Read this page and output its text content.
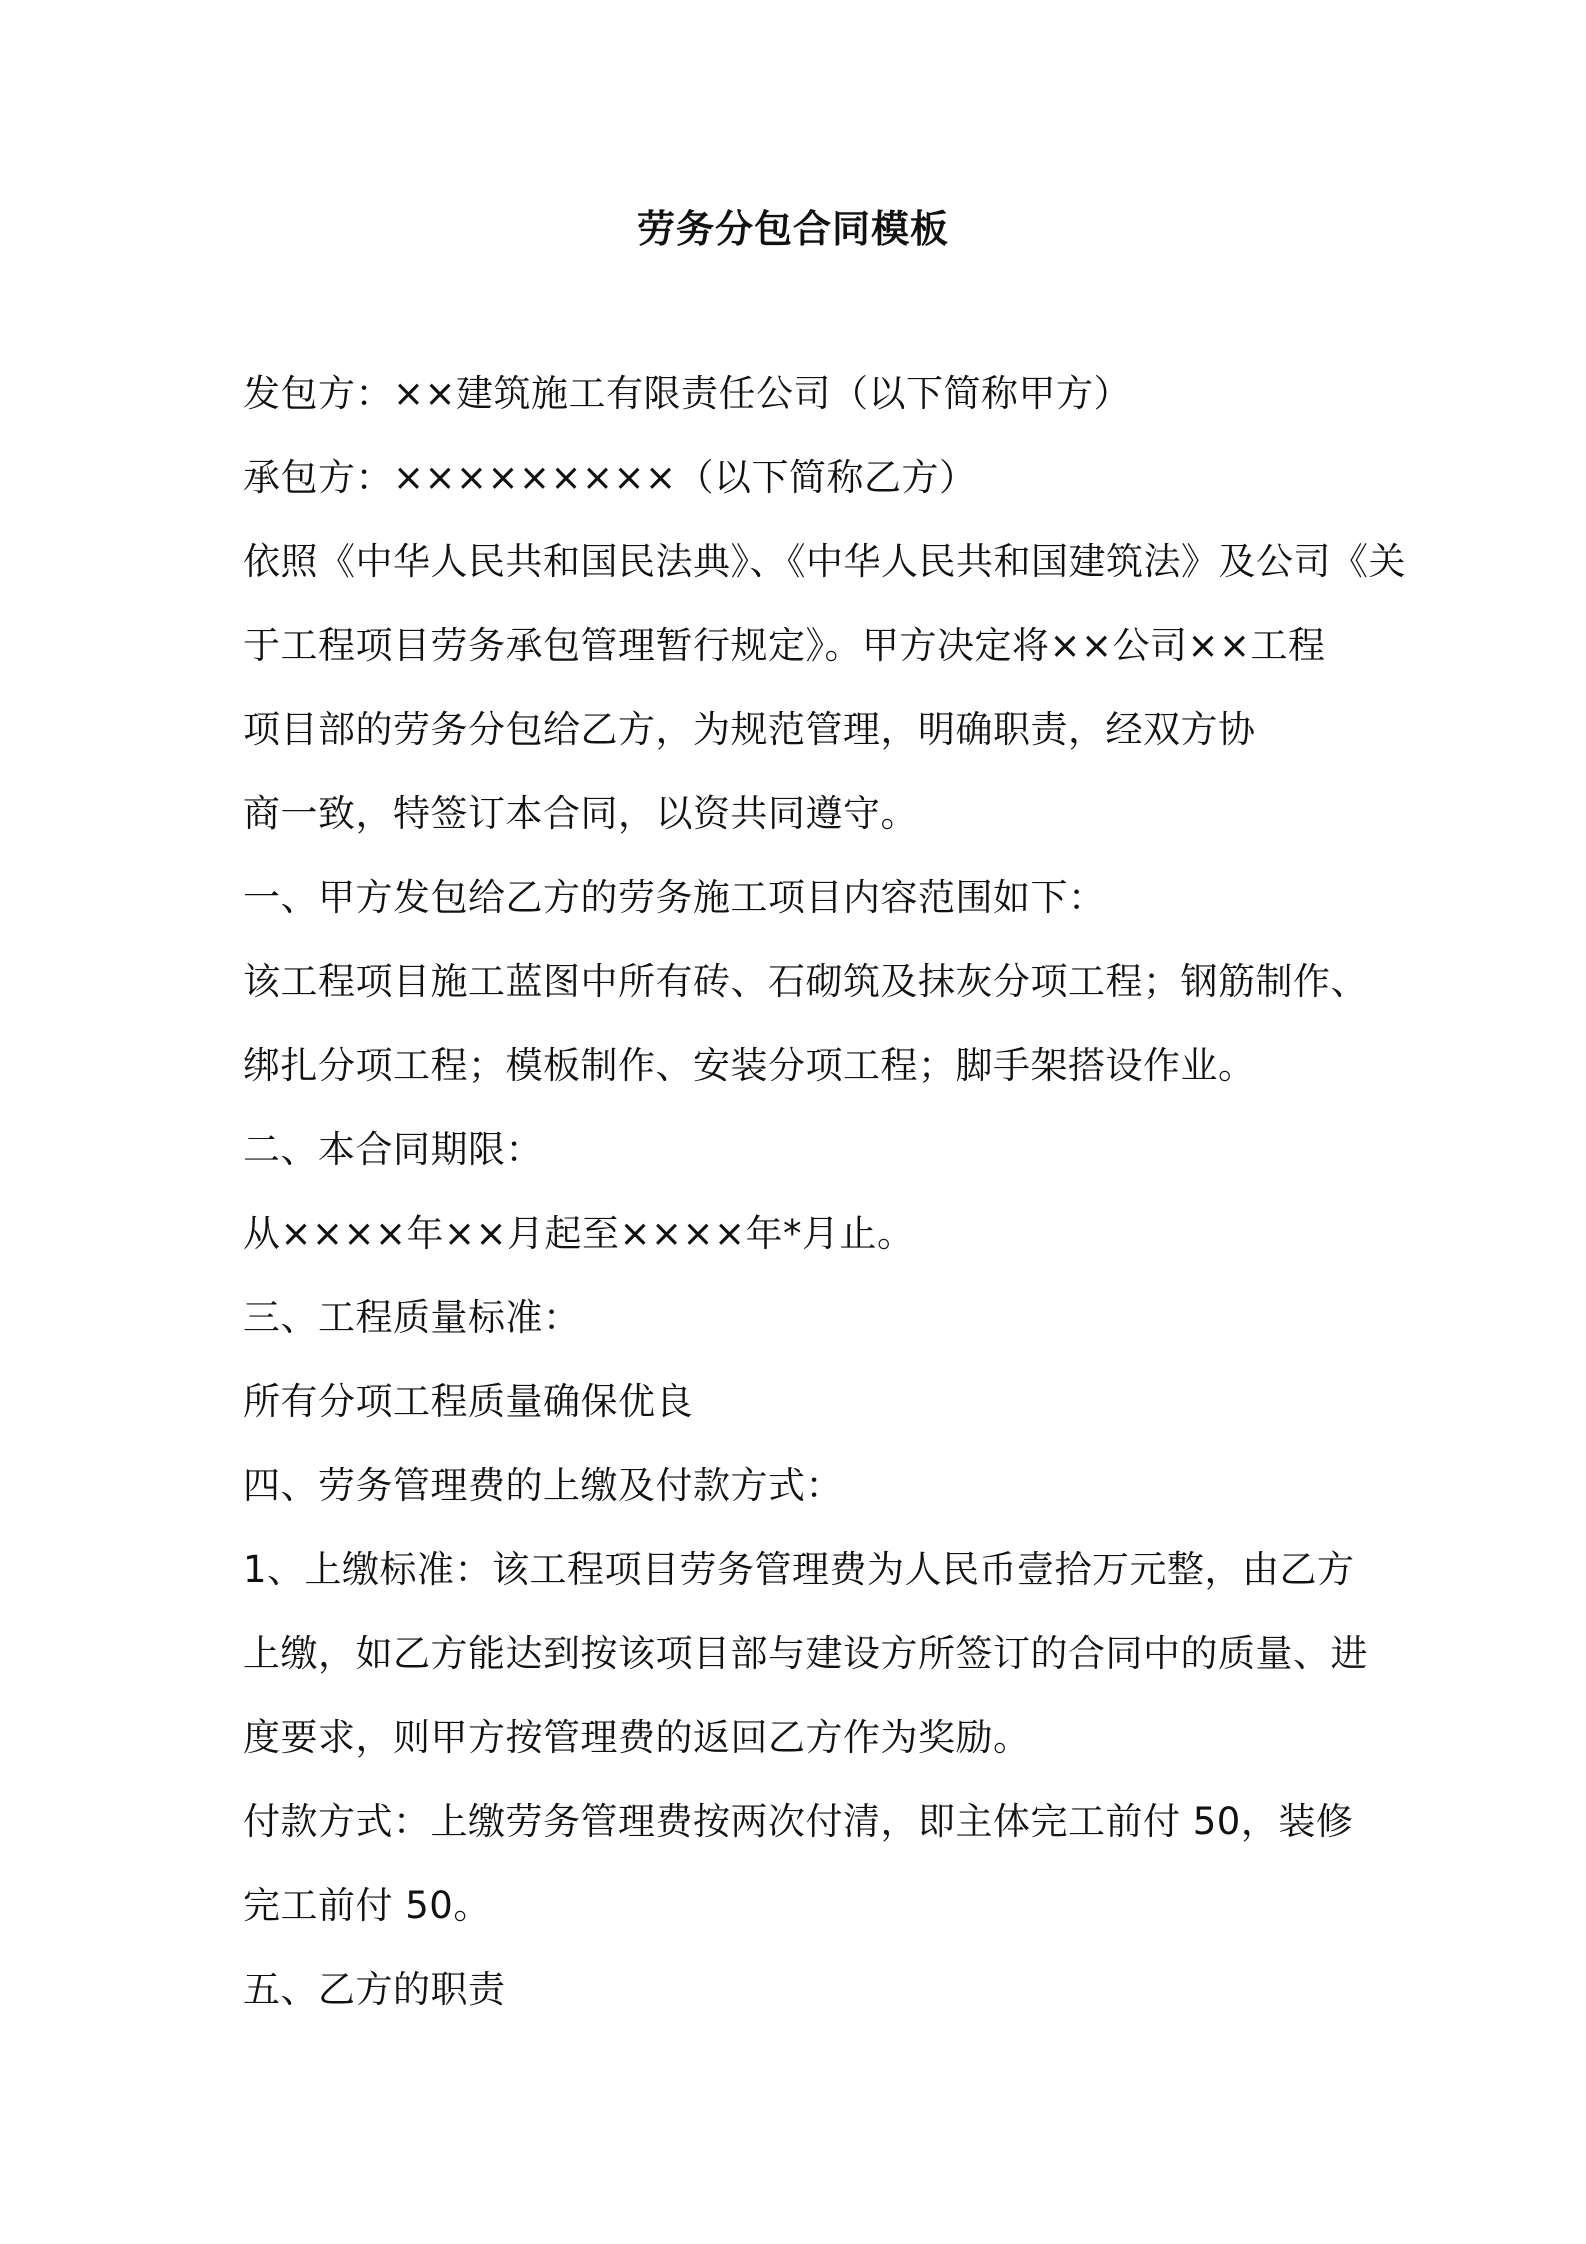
劳务分包合同模板
发包方：××建筑施工有限责任公司（以下简称甲方）
承包方：×××××××××（以下简称乙方）
依照《中华人民共和国民法典》、《中华人民共和国建筑法》及公司《关
于工程项目劳务承包管理暂行规定》。甲方决定将××公司××工程
项目部的劳务分包给乙方，为规范管理，明确职责，经双方协
商一致，特签订本合同，以资共同遵守。
一、甲方发包给乙方的劳务施工项目内容范围如下：
该工程项目施工蓝图中所有砖、石砌筑及抹灰分项工程；钢筋制作、
绑扎分项工程；模板制作、安装分项工程；脚手架搭设作业。
二、本合同期限：
从××××年××月起至××××年*月止。
三、工程质量标准：
所有分项工程质量确保优良
四、劳务管理费的上缴及付款方式：
1、上缴标准：该工程项目劳务管理费为人民币壹拾万元整，由乙方
上缴，如乙方能达到按该项目部与建设方所签订的合同中的质量、进
度要求，则甲方按管理费的返回乙方作为奖励。
付款方式：上缴劳务管理费按两次付清，即主体完工前付 50，装修
完工前付 50。
五、乙方的职责
